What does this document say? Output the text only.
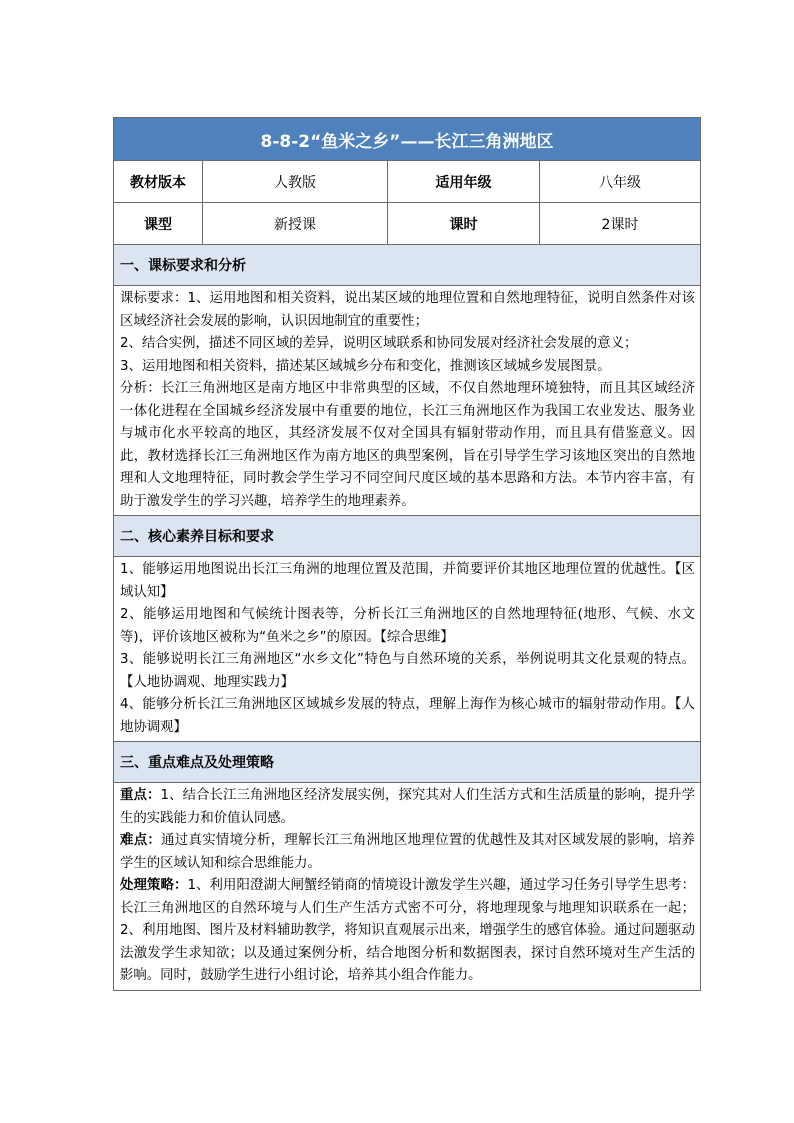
8-8-2“鱼米之乡”——长江三角洲地区			
教材版本	人教版	适用年级	八年级
课型	新授课	课时	2课时
一、课标要求和分析			

课标要求：1、运用地图和相关资料，说出某区域的地理位置和自然地理特征，说明自然条件对该区域经济社会发展的影响，认识因地制宜的重要性；

2、结合实例，描述不同区域的差异，说明区域联系和协同发展对经济社会发展的意义；

3、运用地图和相关资料，描述某区域城乡分布和变化，推测该区域城乡发展图景。

分析：长江三角洲地区是南方地区中非常典型的区域，不仅自然地理环境独特，而且其区域经济一体化进程在全国城乡经济发展中有重要的地位，长江三角洲地区作为我国工农业发达、服务业与城市化水平较高的地区，其经济发展不仅对全国具有辐射带动作用，而且具有借鉴意义。因此，教材选择长江三角洲地区作为南方地区的典型案例，旨在引导学生学习该地区突出的自然地理和人文地理特征，同时教会学生学习不同空间尺度区域的基本思路和方法。本节内容丰富，有助于激发学生的学习兴趣，培养学生的地理素养。			

二、核心素养目标和要求			

1、能够运用地图说出长江三角洲的地理位置及范围，并简要评价其地区地理位置的优越性。【区域认知】

2、能够运用地图和气候统计图表等，分析长江三角洲地区的自然地理特征(地形、气候、水文等)，评价该地区被称为“鱼米之乡”的原因。【综合思维】

3、能够说明长江三角洲地区“水乡文化”特色与自然环境的关系，举例说明其文化景观的特点。【人地协调观、地理实践力】

4、能够分析长江三角洲地区区域城乡发展的特点，理解上海作为核心城市的辐射带动作用。【人地协调观】			

三、重点难点及处理策略			

重点：1、结合长江三角洲地区经济发展实例，探究其对人们生活方式和生活质量的影响，提升学生的实践能力和价值认同感。

难点：通过真实情境分析，理解长江三角洲地区地理位置的优越性及其对区域发展的影响，培养学生的区域认知和综合思维能力。

处理策略：1、利用阳澄湖大闸蟹经销商的情境设计激发学生兴趣，通过学习任务引导学生思考：长江三角洲地区的自然环境与人们生产生活方式密不可分，将地理现象与地理知识联系在一起；2、利用地图、图片及材料辅助教学，将知识直观展示出来，增强学生的感官体验。通过问题驱动法激发学生求知欲；以及通过案例分析，结合地图分析和数据图表，探讨自然环境对生产生活的影响。同时，鼓励学生进行小组讨论，培养其小组合作能力。			
